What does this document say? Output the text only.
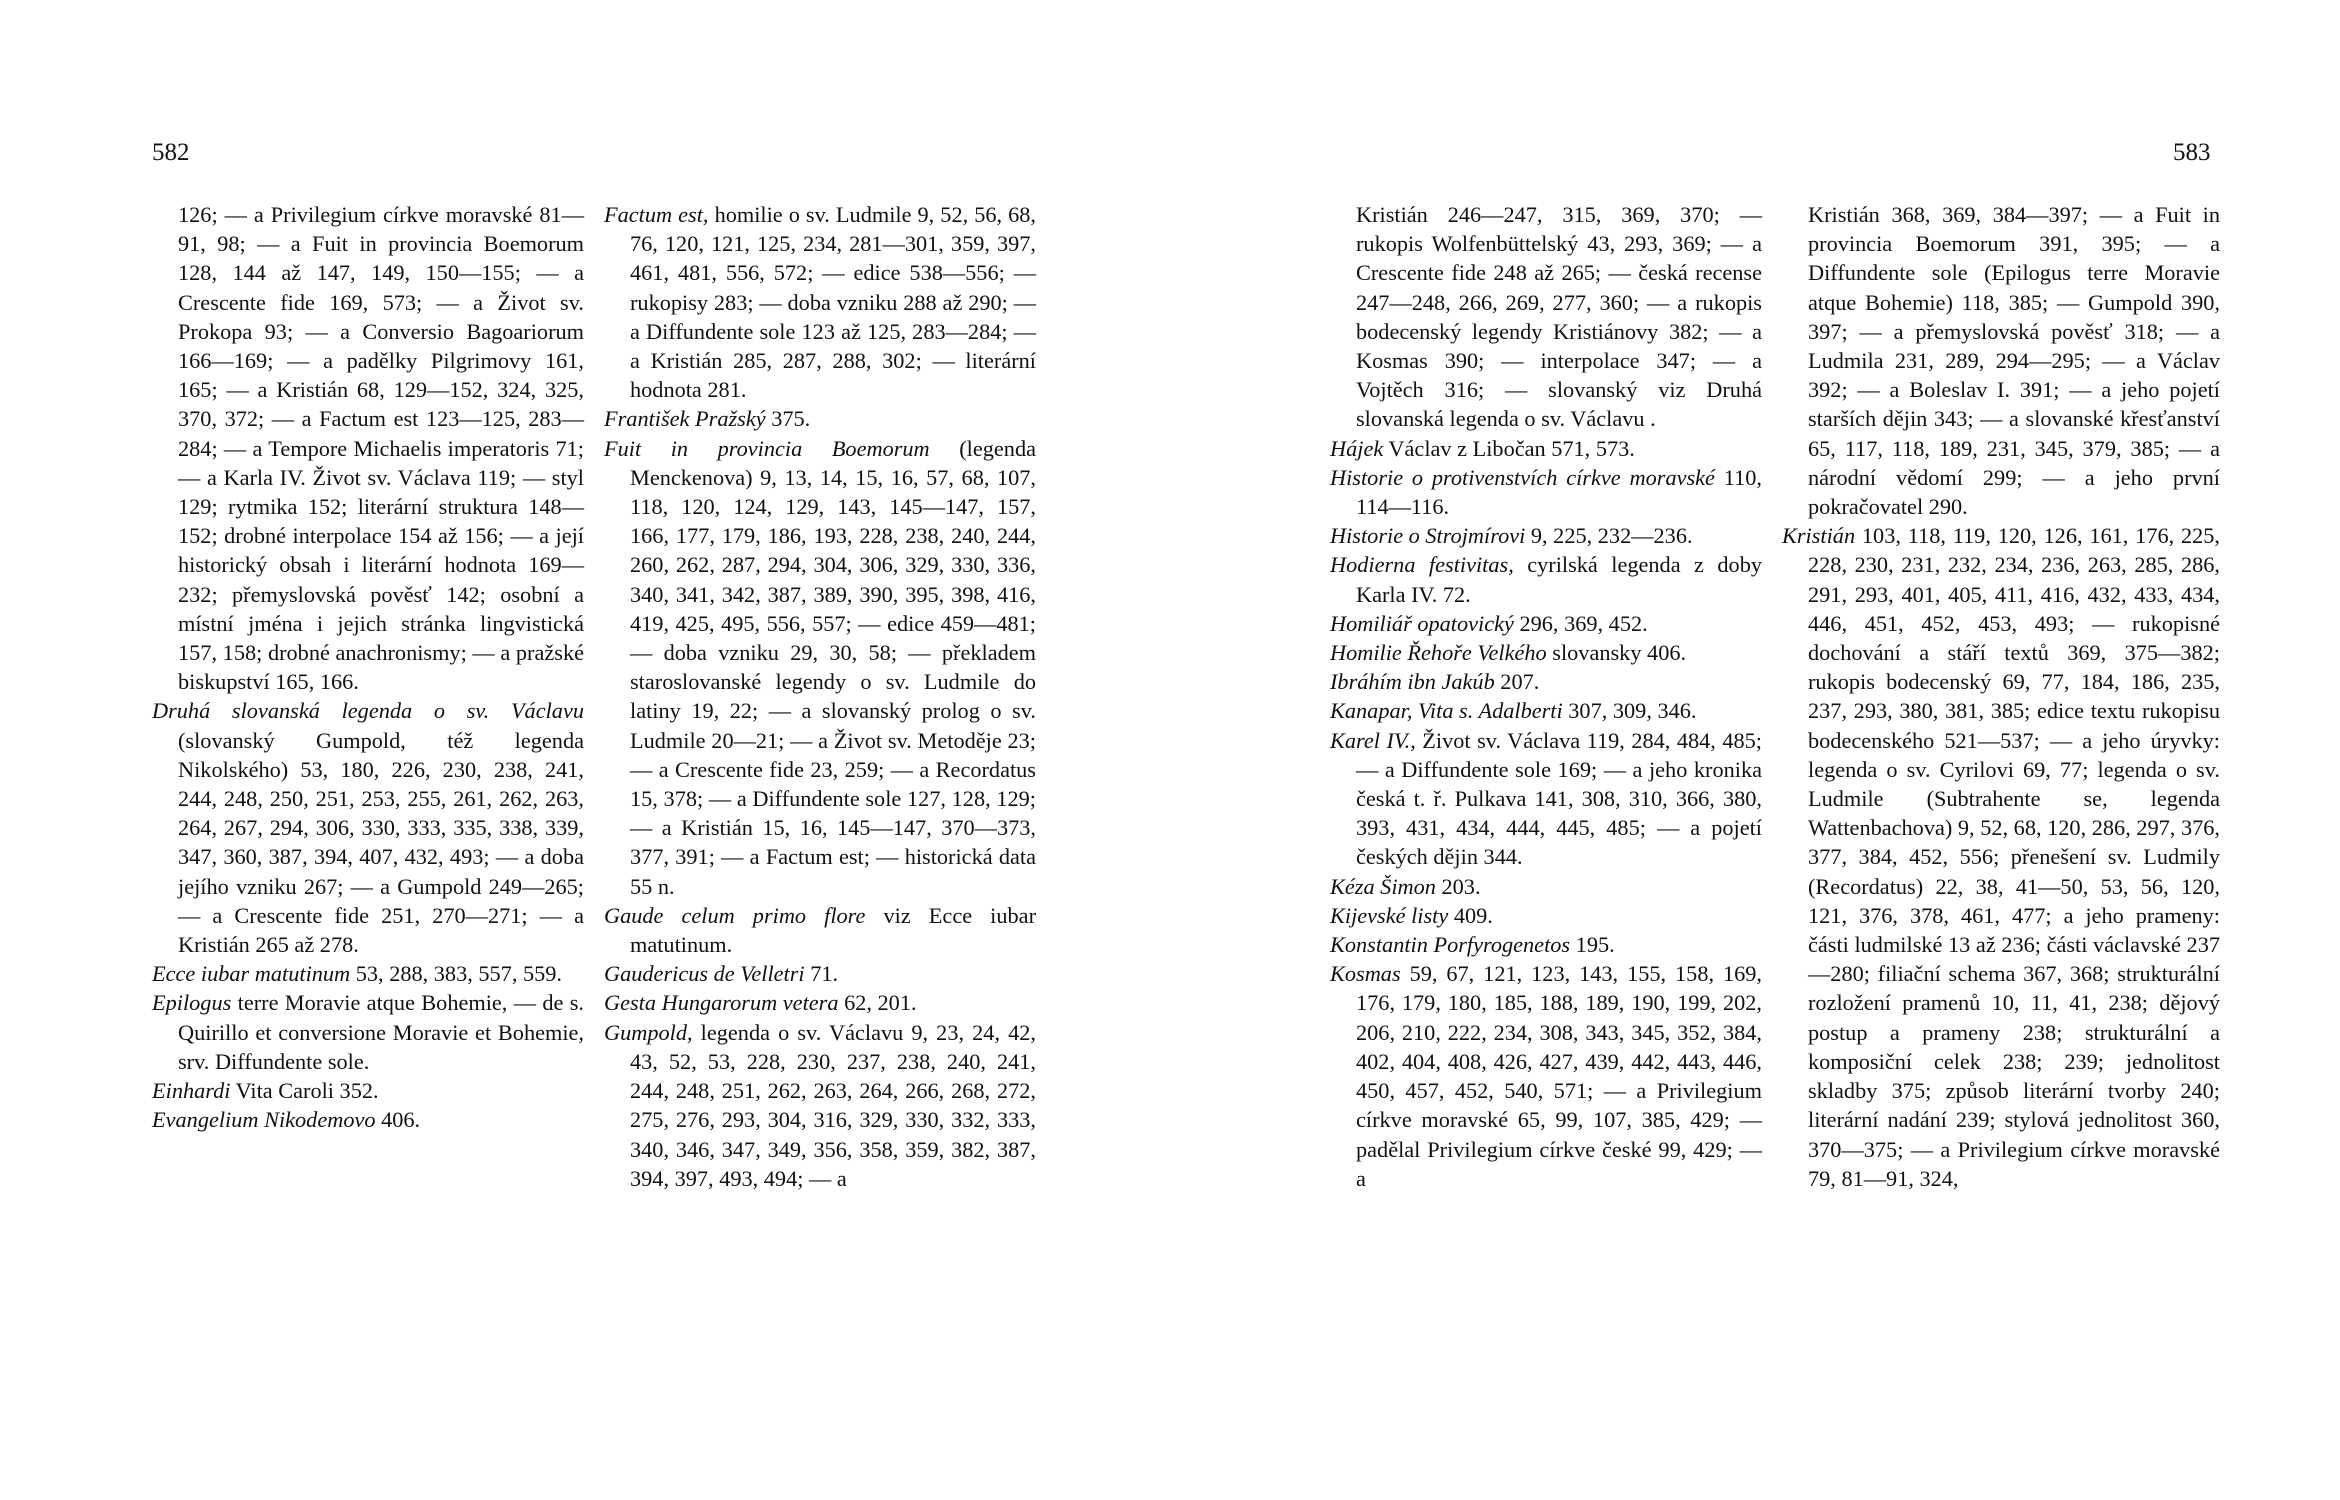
582
126; — a Privilegium církve moravské 81—91, 98; — a Fuit in provincia Boemorum 128, 144 až 147, 149, 150—155; — a Crescente fide 169, 573; — a Život sv. Prokopa 93; — a Conversio Bagoariorum 166—169; — a padělky Pilgrimovy 161, 165; — a Kristián 68, 129—152, 324, 325, 370, 372; — a Factum est 123—125, 283—284; — a Tempore Michaelis imperatoris 71; — a Karla IV. Život sv. Václava 119; — styl 129; rytmika 152; literární struktura 148—152; drobné interpolace 154 až 156; — a její historický obsah i literární hodnota 169—232; přemyslovská pověsť 142; osobní a místní jména i jejich stránka lingvistická 157, 158; drobné anachronismy; — a pražské biskupství 165, 166.
Druhá slovanská legenda o sv. Václavu (slovanský Gumpold, též legenda Nikolského) 53, 180, 226, 230, 238, 241, 244, 248, 250, 251, 253, 255, 261, 262, 263, 264, 267, 294, 306, 330, 333, 335, 338, 339, 347, 360, 387, 394, 407, 432, 493; — a doba jejího vzniku 267; — a Gumpold 249—265; — a Crescente fide 251, 270—271; — a Kristián 265 až 278.
Ecce iubar matutinum 53, 288, 383, 557, 559.
Epilogus terre Moravie atque Bohemie, — de s. Quirillo et conversione Moravie et Bohemie, srv. Diffundente sole.
Einhardi Vita Caroli 352.
Evangelium Nikodemovo 406.
Factum est, homilie o sv. Ludmile 9, 52, 56, 68, 76, 120, 121, 125, 234, 281—301, 359, 397, 461, 481, 556, 572; — edice 538—556; — rukopisy 283; — doba vzniku 288 až 290; — a Diffundente sole 123 až 125, 283—284; — a Kristián 285, 287, 288, 302; — literární hodnota 281.
František Pražský 375.
Fuit in provincia Boemorum (legenda Menckenova) 9, 13, 14, 15, 16, 57, 68, 107, 118, 120, 124, 129, 143, 145—147, 157, 166, 177, 179, 186, 193, 228, 238, 240, 244, 260, 262, 287, 294, 304, 306, 329, 330, 336, 340, 341, 342, 387, 389, 390, 395, 398, 416, 419, 425, 495, 556, 557; — edice 459—481; — doba vzniku 29, 30, 58; — překladem staroslovanské legendy o sv. Ludmile do latiny 19, 22; — a slovanský prolog o sv. Ludmile 20—21; — a Život sv. Metoděje 23; — a Crescente fide 23, 259; — a Recordatus 15, 378; — a Diffundente sole 127, 128, 129; — a Kristián 15, 16, 145—147, 370—373, 377, 391; — a Factum est; — historická data 55 n.
Gaude celum primo flore viz Ecce iubar matutinum.
Gaudericus de Velletri 71.
Gesta Hungarorum vetera 62, 201.
Gumpold, legenda o sv. Václavu 9, 23, 24, 42, 43, 52, 53, 228, 230, 237, 238, 240, 241, 244, 248, 251, 262, 263, 264, 266, 268, 272, 275, 276, 293, 304, 316, 329, 330, 332, 333, 340, 346, 347, 349, 356, 358, 359, 382, 387, 394, 397, 493, 494; — a
583
Kristián 246—247, 315, 369, 370; — rukopis Wolfenbüttelský 43, 293, 369; — a Crescente fide 248 až 265; — česká recense 247—248, 266, 269, 277, 360; — a rukopis bodecenský legendy Kristiánovy 382; — a Kosmas 390; — interpolace 347; — a Vojtěch 316; — slovanský viz Druhá slovanská legenda o sv. Václavu .
Hájek Václav z Libočan 571, 573.
Historie o protivenstvích církve moravské 110, 114—116.
Historie o Strojmírovi 9, 225, 232—236.
Hodierna festivitas, cyrilská legenda z doby Karla IV. 72.
Homiliář opatovický 296, 369, 452.
Homilie Řehoře Velkého slovansky 406.
Ibráhím ibn Jakúb 207.
Kanapar, Vita s. Adalberti 307, 309, 346.
Karel IV., Život sv. Václava 119, 284, 484, 485; — a Diffundente sole 169; — a jeho kronika česká t. ř. Pulkava 141, 308, 310, 366, 380, 393, 431, 434, 444, 445, 485; — a pojetí českých dějin 344.
Kéza Šimon 203.
Kijevské listy 409.
Konstantin Porfyrogenetos 195.
Kosmas 59, 67, 121, 123, 143, 155, 158, 169, 176, 179, 180, 185, 188, 189, 190, 199, 202, 206, 210, 222, 234, 308, 343, 345, 352, 384, 402, 404, 408, 426, 427, 439, 442, 443, 446, 450, 457, 452, 540, 571; — a Privilegium církve moravské 65, 99, 107, 385, 429; — padělal Privilegium církve české 99, 429; — a
Kristián 368, 369, 384—397; — a Fuit in provincia Boemorum 391, 395; — a Diffundente sole (Epilogus terre Moravie atque Bohemie) 118, 385; — Gumpold 390, 397; — a přemyslovská pověsť 318; — a Ludmila 231, 289, 294—295; — a Václav 392; — a Boleslav I. 391; — a jeho pojetí starších dějin 343; — a slovanské křesťanství 65, 117, 118, 189, 231, 345, 379, 385; — a národní vědomí 299; — a jeho první pokračovatel 290.
Kristián 103, 118, 119, 120, 126, 161, 176, 225, 228, 230, 231, 232, 234, 236, 263, 285, 286, 291, 293, 401, 405, 411, 416, 432, 433, 434, 446, 451, 452, 453, 493; — rukopisné dochování a stáří textů 369, 375—382; rukopis bodecenský 69, 77, 184, 186, 235, 237, 293, 380, 381, 385; edice textu rukopisu bodecenského 521—537; — a jeho úryvky: legenda o sv. Cyrilovi 69, 77; legenda o sv. Ludmile (Subtrahente se, legenda Wattenbachova) 9, 52, 68, 120, 286, 297, 376, 377, 384, 452, 556; přenešení sv. Ludmily (Recordatus) 22, 38, 41—50, 53, 56, 120, 121, 376, 378, 461, 477; a jeho prameny: části ludmilské 13 až 236; části václavské 237—280; filiační schema 367, 368; strukturální rozložení pramenů 10, 11, 41, 238; dějový postup a prameny 238; strukturální a komposiční celek 238; 239; jednolitost skladby 375; způsob literární tvorby 240; literární nadání 239; stylová jednolitost 360, 370—375; — a Privilegium církve moravské 79, 81—91, 324,
